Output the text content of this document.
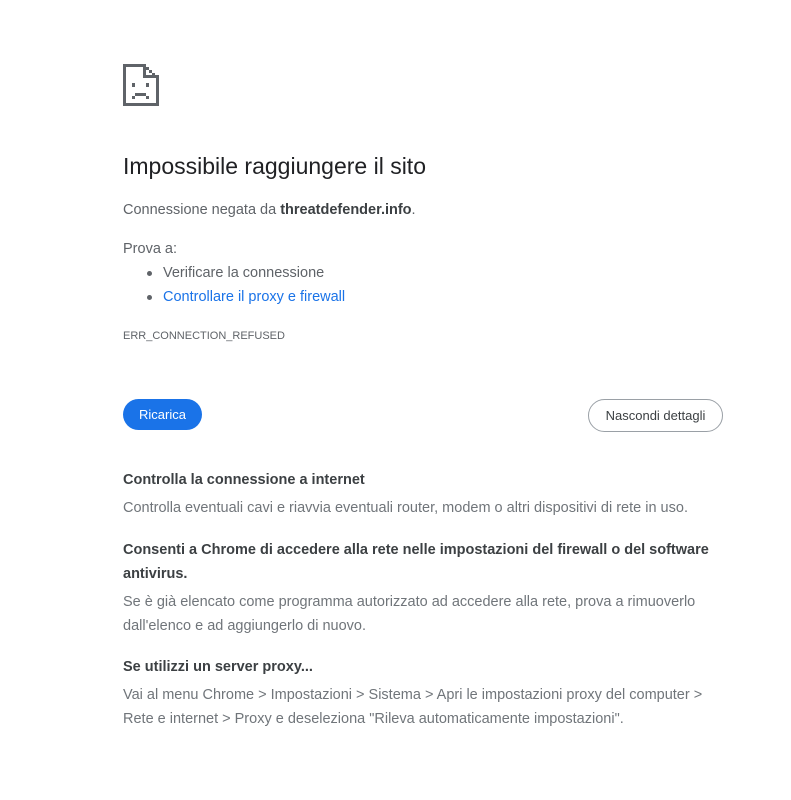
Impossibile raggiungere il sito
Connessione negata da threatdefender.info.
Prova a:
Verificare la connessione
Controllare il proxy e firewall
ERR_CONNECTION_REFUSED
Ricarica	Nascondi dettagli

Controlla la connessione a internet

Controlla eventuali cavi e riavvia eventuali router, modem o altri dispositivi di rete in uso.

Consenti a Chrome di accedere alla rete nelle impostazioni del firewall o del software antivirus.

Se è già elencato come programma autorizzato ad accedere alla rete, prova a rimuoverlo dall'elenco e ad aggiungerlo di nuovo.

Se utilizzi un server proxy...

Vai al menu Chrome > Impostazioni > Sistema > Apri le impostazioni proxy del computer > Rete e internet > Proxy e deseleziona "Rileva automaticamente impostazioni".
